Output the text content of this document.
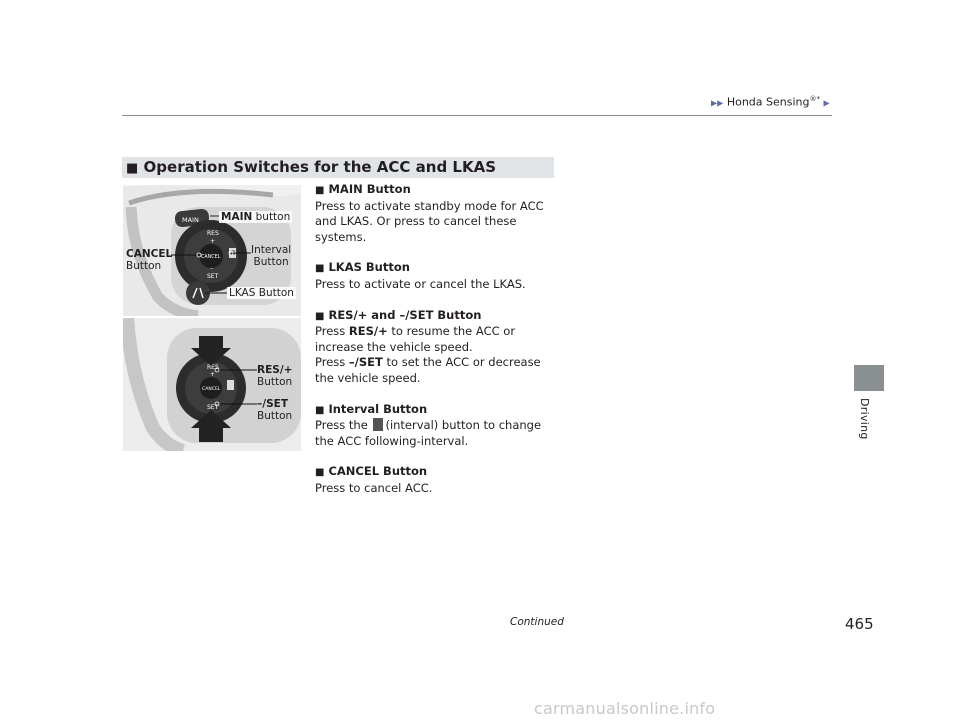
▶▶ Honda Sensing®* ▶
Driving
■ Operation Switches for the ACC and LKAS
MAIN
RES
+
CANCEL
–
SET
MAIN button
CANCEL
Button
Interval
Button
LKAS Button
RES
+
CANCEL
SET
RES/+
Button
–/SET
Button
■ MAIN Button
Press to activate standby mode for ACC and LKAS. Or press to cancel these systems.
■ LKAS Button
Press to activate or cancel the LKAS.
■ RES/+ and –/SET Button
Press RES/+ to resume the ACC or increase the vehicle speed.
Press –/SET to set the ACC or decrease the vehicle speed.
■ Interval Button
Press the (interval) button to change the ACC following-interval.
■ CANCEL Button
Press to cancel ACC.
Continued	465
carmanualsonline.info
